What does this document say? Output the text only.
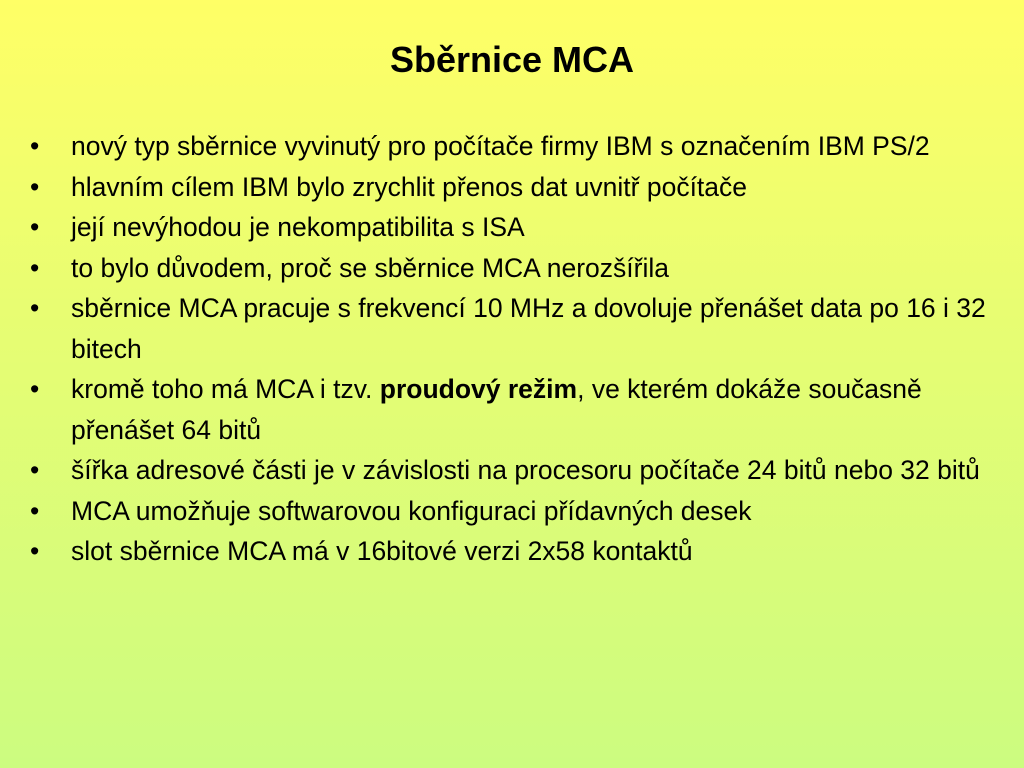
Sběrnice MCA
• nový typ sběrnice vyvinutý pro počítače firmy IBM s označením IBM PS/2
• hlavním cílem IBM bylo zrychlit přenos dat uvnitř počítače
• její nevýhodou je nekompatibilita s ISA
• to bylo důvodem, proč se sběrnice MCA nerozšířila
• sběrnice MCA pracuje s frekvencí 10 MHz a dovoluje přenášet data po 16 i 32 bitech
• kromě toho má MCA i tzv. proudový režim, ve kterém dokáže současně přenášet 64 bitů
• šířka adresové části je v závislosti na procesoru počítače 24 bitů nebo 32 bitů
• MCA umožňuje softwarovou konfiguraci přídavných desek
• slot sběrnice MCA má v 16bitové verzi 2x58 kontaktů
